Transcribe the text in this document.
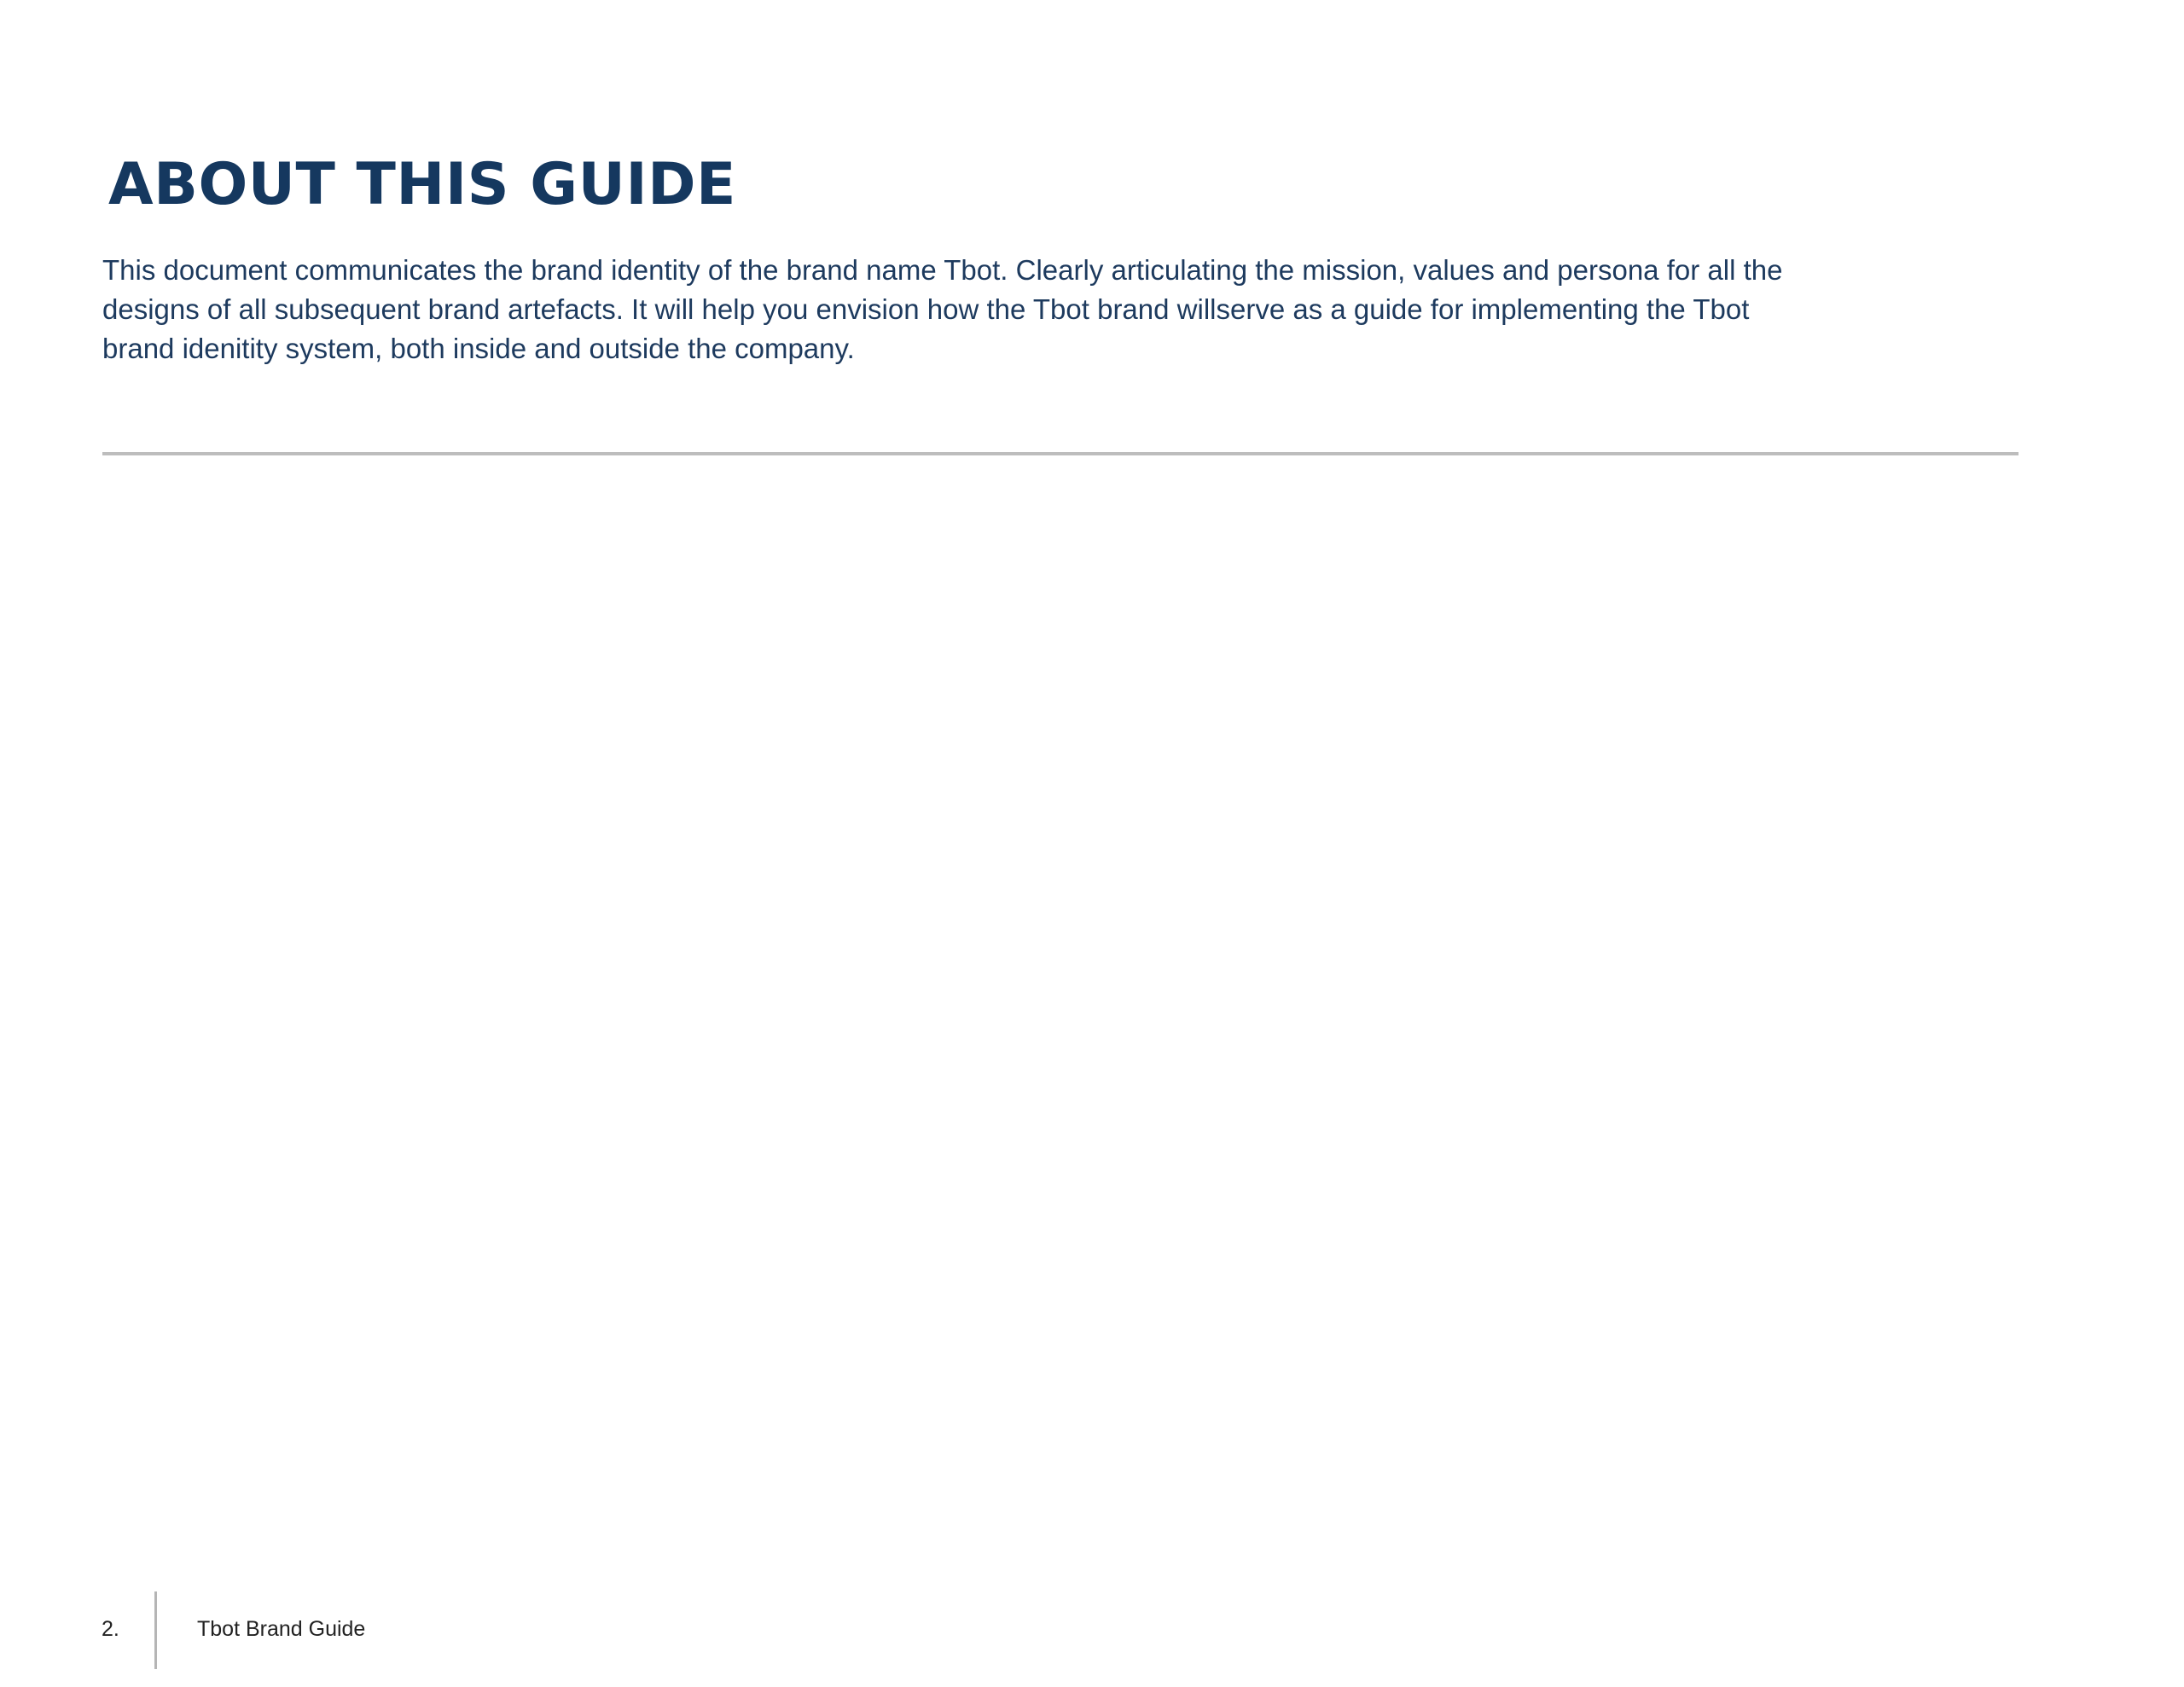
ABOUT THIS GUIDE

This document communicates the brand identity of the brand name Tbot. Clearly articulating the mission, values and persona for all the
designs of all subsequent brand artefacts. It will help you envision how the Tbot brand willserve as a guide for implementing the Tbot
brand idenitity system, both inside and outside the company.

2.	Tbot Brand Guide
